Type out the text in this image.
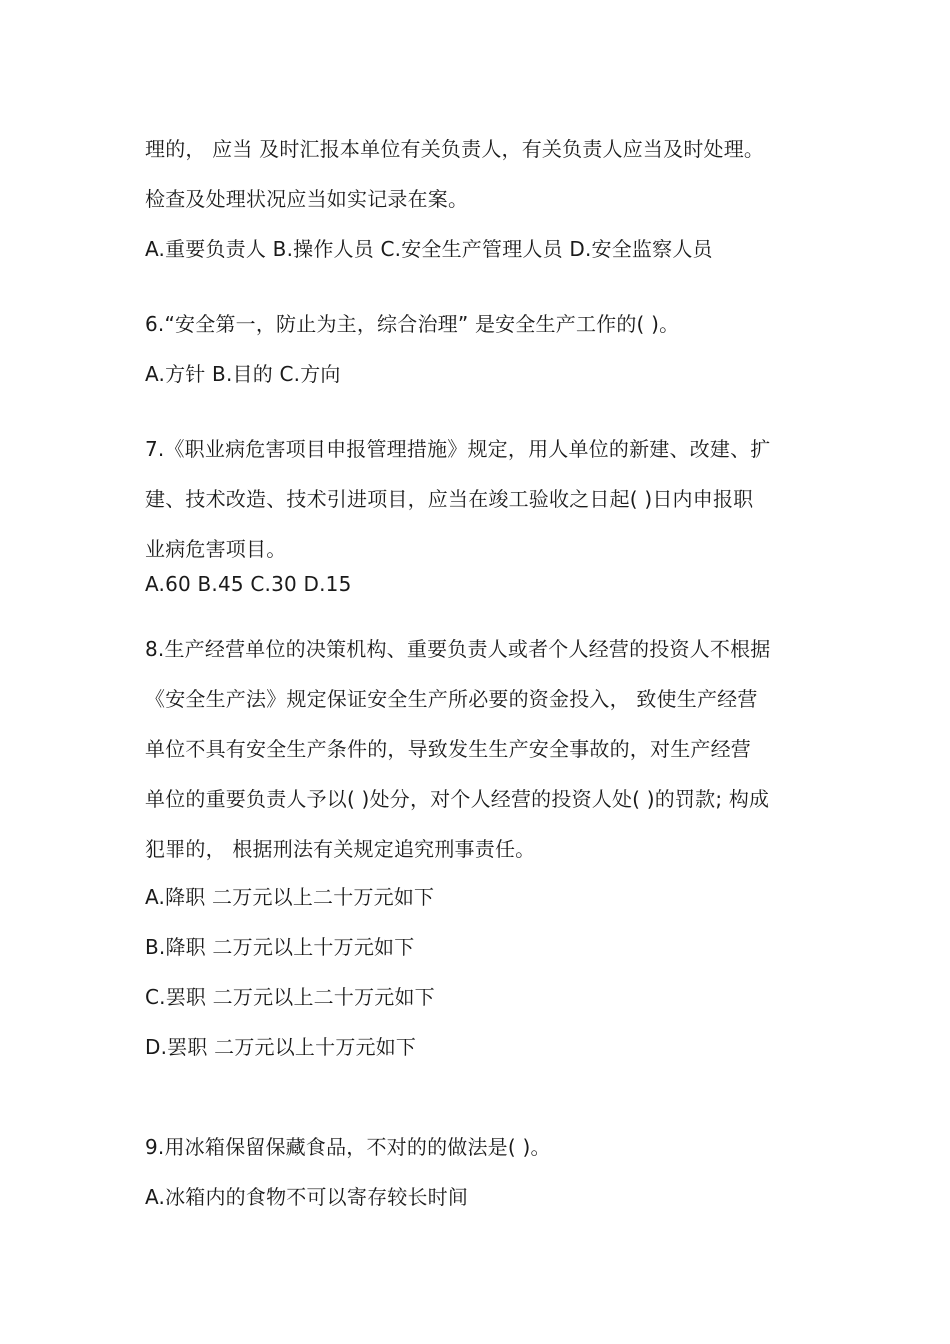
理的， 应当 及时汇报本单位有关负责人，有关负责人应当及时处理。
检查及处理状况应当如实记录在案。
A.重要负责人 B.操作人员 C.安全生产管理人员 D.安全监察人员
6.“安全第一，防止为主，综合治理” 是安全生产工作的( )。
A.方针 B.目的 C.方向
7.《职业病危害项目申报管理措施》规定，用人单位的新建、改建、扩
建、技术改造、技术引进项目，应当在竣工验收之日起( )日内申报职
业病危害项目。
A.60 B.45 C.30 D.15
8.生产经营单位的决策机构、重要负责人或者个人经营的投资人不根据
《安全生产法》规定保证安全生产所必要的资金投入， 致使生产经营
单位不具有安全生产条件的，导致发生生产安全事故的，对生产经营
单位的重要负责人予以( )处分，对个人经营的投资人处( )的罚款; 构成
犯罪的， 根据刑法有关规定追究刑事责任。
A.降职 二万元以上二十万元如下
B.降职 二万元以上十万元如下
C.罢职 二万元以上二十万元如下
D.罢职 二万元以上十万元如下
9.用冰箱保留保藏食品，不对的的做法是( )。
A.冰箱内的食物不可以寄存较长时间
